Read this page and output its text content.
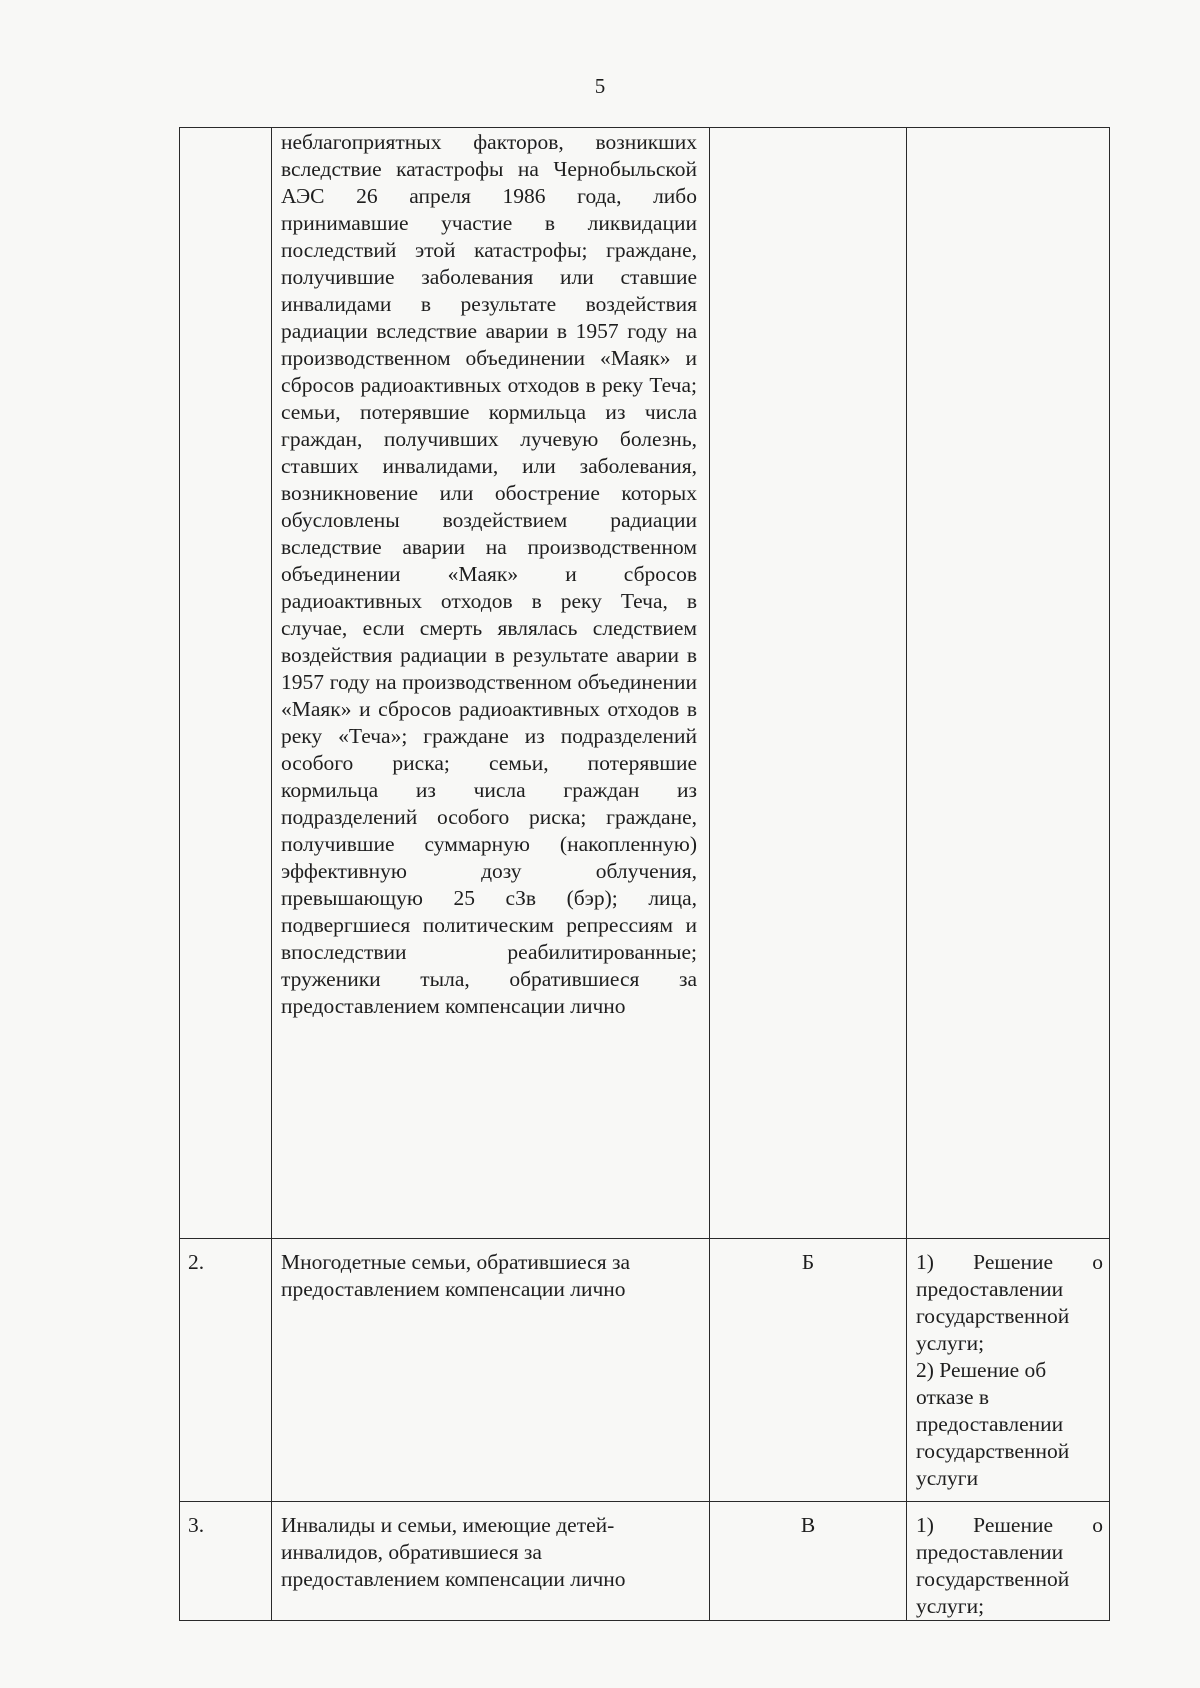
5
	неблагоприятных факторов, возникших вследствие катастрофы на Чернобыльской АЭС 26 апреля 1986 года, либо принимавшие участие в ликвидации последствий этой катастрофы; граждане, получившие заболевания или ставшие инвалидами в результате воздействия радиации вследствие аварии в 1957 году на производственном объединении «Маяк» и сбросов радиоактивных отходов в реку Теча; семьи, потерявшие кормильца из числа граждан, получивших лучевую болезнь, ставших инвалидами, или заболевания, возникновение или обострение которых обусловлены воздействием радиации вследствие аварии на производственном объединении «Маяк» и сбросов радиоактивных отходов в реку Теча, в случае, если смерть являлась следствием воздействия радиации в результате аварии в 1957 году на производственном объединении «Маяк» и сбросов радиоактивных отходов в реку «Теча»; граждане из подразделений особого риска; семьи, потерявшие кормильца из числа граждан из подразделений особого риска; граждане, получившие суммарную (накопленную) эффективную дозу облучения, превышающую 25 сЗв (бэр); лица, подвергшиеся политическим репрессиям и впоследствии реабилитированные; труженики тыла, обратившиеся за предоставлением компенсации лично		

2.	Многодетные семьи, обратившиеся за предоставлением компенсации лично	Б	1) Решение о предоставлении государственной услуги;

2) Решение об отказе в предоставлении государственной услуги

3.	Инвалиды и семьи, имеющие детей-инвалидов, обратившиеся за предоставлением компенсации лично	В	1) Решение о предоставлении государственной услуги;
